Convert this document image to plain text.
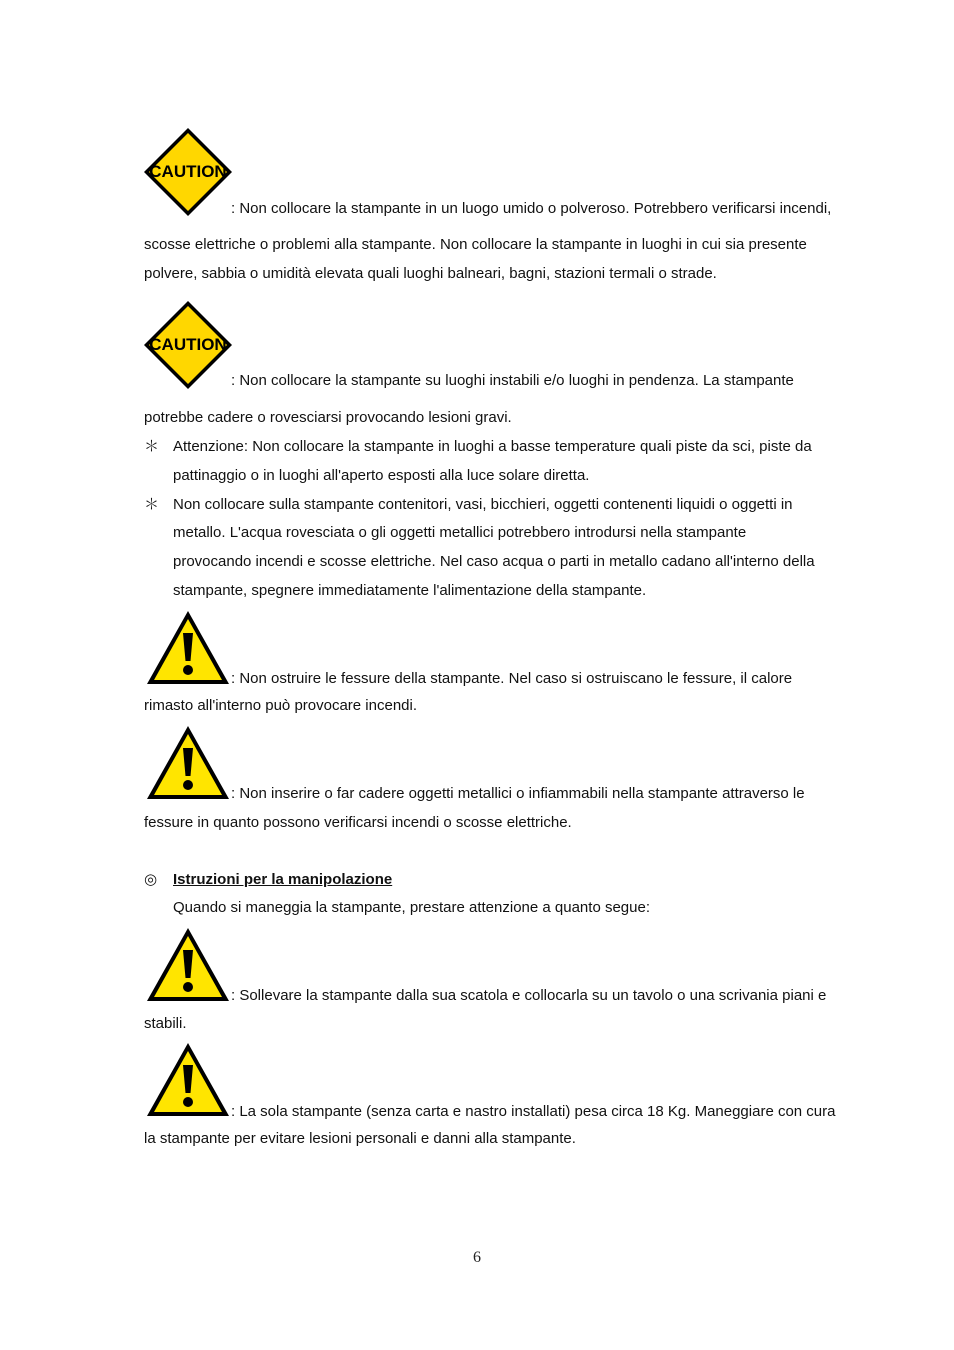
CAUTION
: Non collocare la stampante in un luogo umido o polveroso. Potrebbero verificarsi incendi,
scosse elettriche o problemi alla stampante. Non collocare la stampante in luoghi in cui sia presente
polvere, sabbia o umidità elevata quali luoghi balneari, bagni, stazioni termali o strade.
CAUTION
: Non collocare la stampante su luoghi instabili e/o luoghi in pendenza. La stampante
potrebbe cadere o rovesciarsi provocando lesioni gravi.
＊ Attenzione: Non collocare la stampante in luoghi a basse temperature quali piste da sci, piste da
pattinaggio o in luoghi all'aperto esposti alla luce solare diretta.
＊ Non collocare sulla stampante contenitori, vasi, bicchieri, oggetti contenenti liquidi o oggetti in
metallo. L'acqua rovesciata o gli oggetti metallici potrebbero introdursi nella stampante
provocando incendi e scosse elettriche. Nel caso acqua o parti in metallo cadano all'interno della
stampante, spegnere immediatamente l'alimentazione della stampante.
: Non ostruire le fessure della stampante. Nel caso si ostruiscano le fessure, il calore
rimasto all'interno può provocare incendi.
: Non inserire o far cadere oggetti metallici o infiammabili nella stampante attraverso le
fessure in quanto possono verificarsi incendi o scosse elettriche.
◎ Istruzioni per la manipolazione
Quando si maneggia la stampante, prestare attenzione a quanto segue:
: Sollevare la stampante dalla sua scatola e collocarla su un tavolo o una scrivania piani e
stabili.
: La sola stampante (senza carta e nastro installati) pesa circa 18 Kg. Maneggiare con cura
la stampante per evitare lesioni personali e danni alla stampante.
6
